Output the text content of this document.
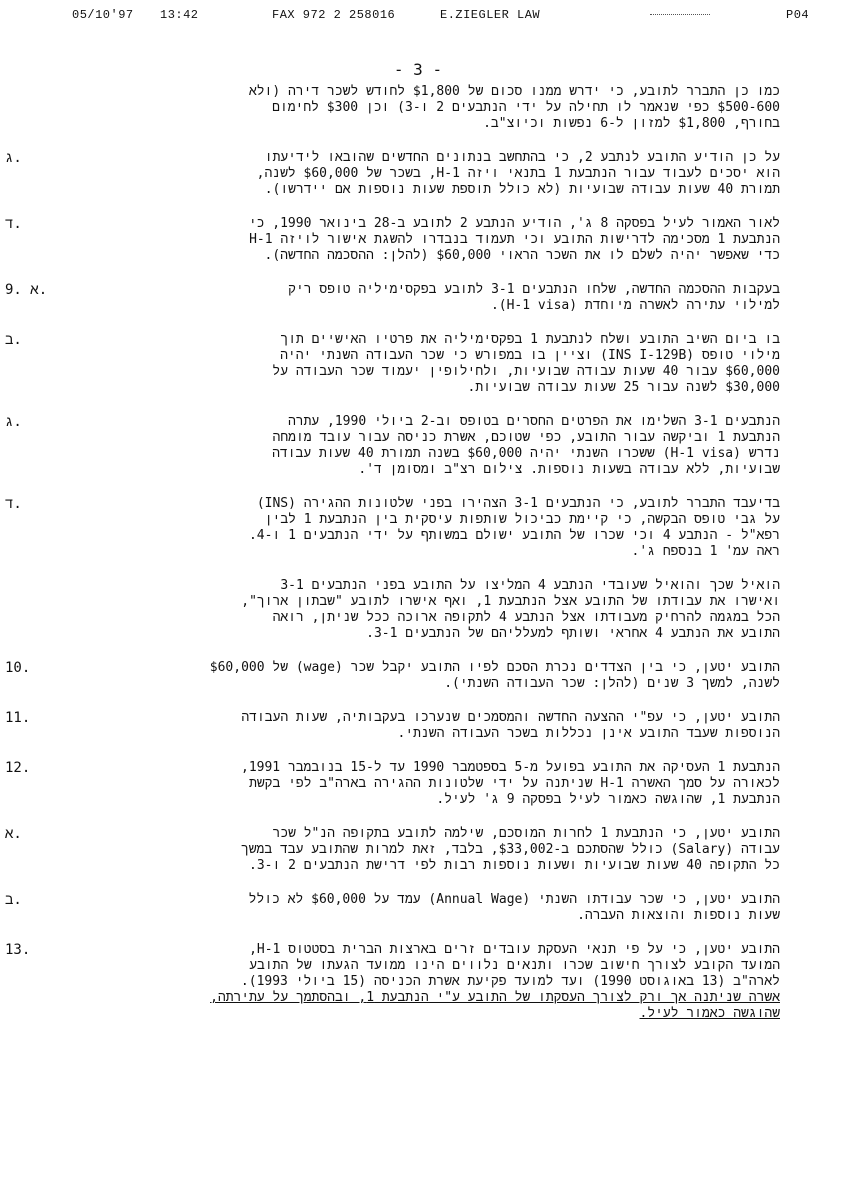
05/10'97 13:42	FAX 972 2 258016	E.ZIEGLER LAW	P04
- 3 -
כמו כן התברר לתובע, כי ידרש ממנו סכום של $1,800 לחודש לשכר דירה (ולא
$500-600 כפי שנאמר לו תחילה על ידי הנתבעים 2 ו-3) וכן $300 לחימום
בחורף, $1,800 למזון ל-6 נפשות וכיוצ"ב.
ג.	על כן הודיע התובע לנתבע 2, כי בהתחשב בנתונים החדשים שהובאו לידיעתו
הוא יסכים לעבוד עבור הנתבעת 1 בתנאי ויזה H-1, בשכר של $60,000 לשנה,
תמורת 40 שעות עבודה שבועיות (לא כולל תוספת שעות נוספות אם יידרשו).
ד.	לאור האמור לעיל בפסקה 8 ג', הודיע הנתבע 2 לתובע ב-28 בינואר 1990, כי
הנתבעת 1 מסכימה לדרישות התובע וכי תעמוד בנבדרו להשגת אישור לויזה H-1
כדי שאפשר יהיה לשלם לו את השכר הראוי $60,000 (להלן: ההסכמה החדשה).
9. א.	בעקבות ההסכמה החדשה, שלחו הנתבעים 3-1 לתובע בפקסימיליה טופס ריק
למילוי עתירה לאשרה מיוחדת (H-1 visa).
ב.	בו ביום השיב התובע ושלח לנתבעת 1 בפקסימיליה את פרטיו האישיים תוך
מילוי טופס (INS I-129B) וציין בו במפורש כי שכר העבודה השנתי יהיה
$60,000 עבור 40 שעות עבודה שבועיות, ולחילופין יעמוד שכר העבודה על
$30,000 לשנה עבור 25 שעות עבודה שבועיות.
ג.	הנתבעים 3-1 השלימו את הפרטים החסרים בטופס וב-2 ביולי 1990, עתרה
הנתבעת 1 וביקשה עבור התובע, כפי שטוכם, אשרת כניסה עבור עובד מומחה
נדרש (H-1 visa) ששכרו השנתי יהיה $60,000 בשנה תמורת 40 שעות עבודה
שבועיות, ללא עבודה בשעות נוספות. צילום רצ"ב ומסומן ד'.
ד.	בדיעבד התברר לתובע, כי הנתבעים 3-1 הצהירו בפני שלטונות ההגירה (INS)
על גבי טופס הבקשה, כי קיימת כביכול שותפות עיסקית בין הנתבעת 1 לבין
רפא"ל - הנתבע 4 וכי שכרו של התובע ישולם במשותף על ידי הנתבעים 1 ו-4.
ראה עמ' 1 בנספח ג'.
הואיל שכך והואיל שעובדי הנתבע 4 המליצו על התובע בפני הנתבעים 3-1
ואישרו את עבודתו של התובע אצל הנתבעת 1, ואף אישרו לתובע "שבתון ארוך",
הכל במגמה להרחיק מעבודתו אצל הנתבע 4 לתקופה ארוכה ככל שניתן, רואה
התובע את הנתבע 4 אחראי ושותף למעלליהם של הנתבעים 3-1.
10.	התובע יטען, כי בין הצדדים נכרת הסכם לפיו התובע יקבל שכר (wage) של $60,000
לשנה, למשך 3 שנים (להלן: שכר העבודה השנתי).
11.	התובע יטען, כי עפ"י ההצעה החדשה והמסמכים שנערכו בעקבותיה, שעות העבודה
הנוספות שעבד התובע אינן נכללות בשכר העבודה השנתי.
12.	הנתבעת 1 העסיקה את התובע בפועל מ-5 בספטמבר 1990 עד ל-15 בנובמבר 1991,
לכאורה על סמך האשרה H-1 שניתנה על ידי שלטונות ההגירה בארה"ב לפי בקשת
הנתבעת 1, שהוגשה כאמור לעיל בפסקה 9 ג' לעיל.
א.	התובע יטען, כי הנתבעת 1 לחרות המוסכם, שילמה לתובע בתקופה הנ"ל שכר
עבודה (Salary) כולל שהסתכם ב-$33,002, בלבד, זאת למרות שהתובע עבד במשך
כל התקופה 40 שעות שבועיות ושעות נוספות רבות לפי דרישת הנתבעים 2 ו-3.
ב.	התובע יטען, כי שכר עבודתו השנתי (Annual Wage) עמד על $60,000 לא כולל
שעות נוספות והוצאות העברה.
13.	התובע יטען, כי על פי תנאי העסקת עובדים זרים בארצות הברית בסטטוס H-1,
המועד הקובע לצורך חישוב שכרו ותנאים נלווים הינו ממועד הגעתו של התובע
לארה"ב (13 באוגוסט 1990) ועד למועד פקיעת אשרת הכניסה (15 ביולי 1993).
אשרה שניתנה אך ורק לצורך העסקתו של התובע ע"י הנתבעת 1, ובהסתמך על עתירתה,
שהוגשה כאמור לעיל.
